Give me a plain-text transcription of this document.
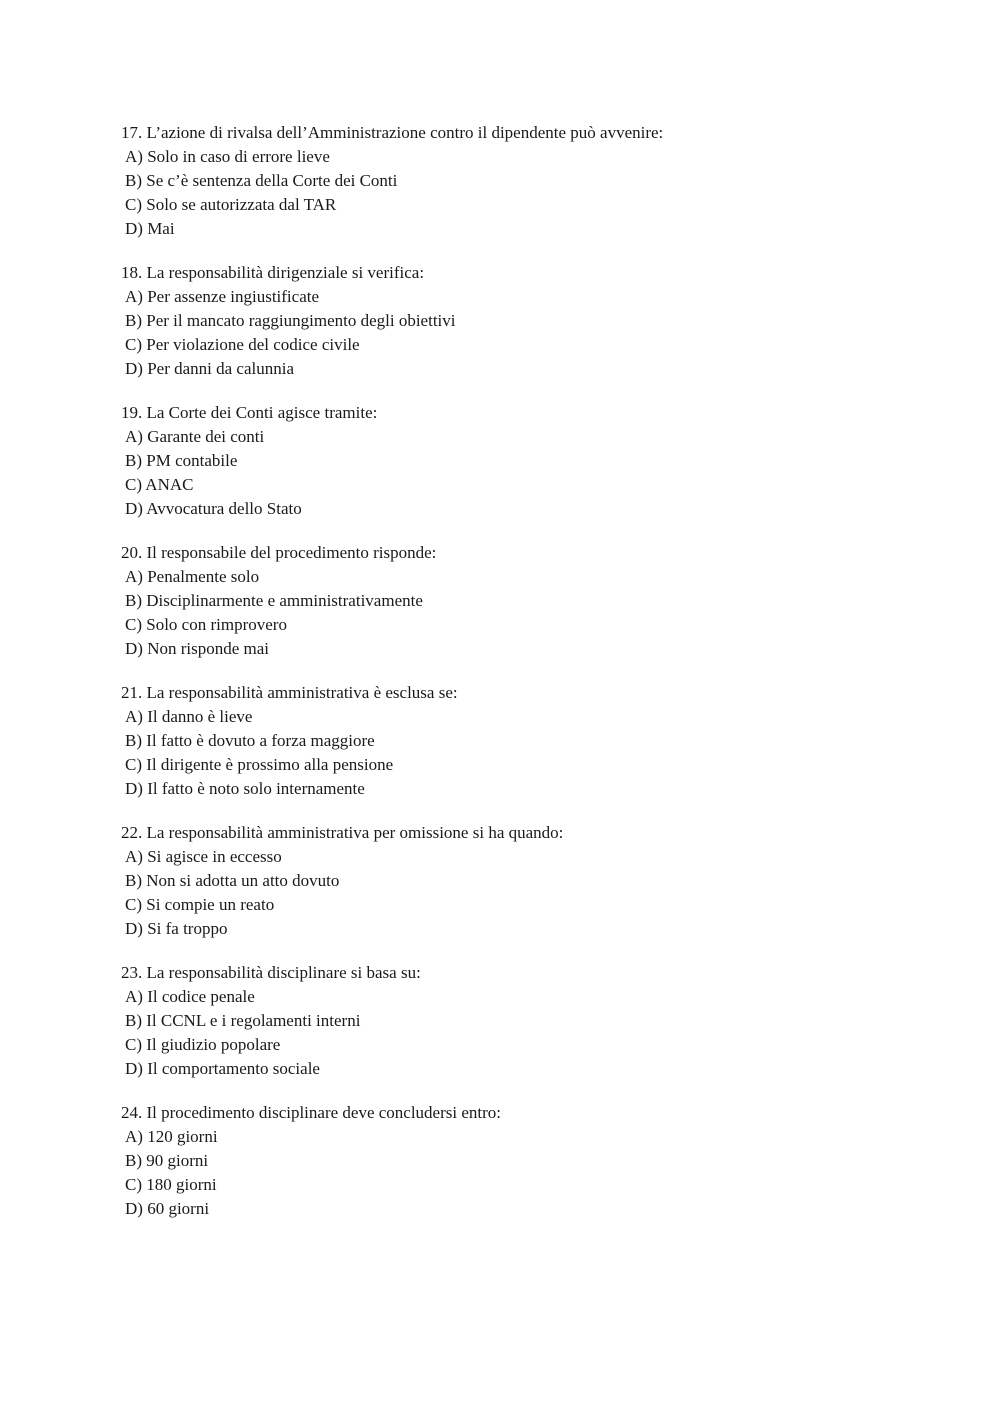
17. L’azione di rivalsa dell’Amministrazione contro il dipendente può avvenire:

A) Solo in caso di errore lieve

B) Se c’è sentenza della Corte dei Conti

C) Solo se autorizzata dal TAR

D) Mai

18. La responsabilità dirigenziale si verifica:

A) Per assenze ingiustificate

B) Per il mancato raggiungimento degli obiettivi

C) Per violazione del codice civile

D) Per danni da calunnia

19. La Corte dei Conti agisce tramite:

A) Garante dei conti

B) PM contabile

C) ANAC

D) Avvocatura dello Stato

20. Il responsabile del procedimento risponde:

A) Penalmente solo

B) Disciplinarmente e amministrativamente

C) Solo con rimprovero

D) Non risponde mai

21. La responsabilità amministrativa è esclusa se:

A) Il danno è lieve

B) Il fatto è dovuto a forza maggiore

C) Il dirigente è prossimo alla pensione

D) Il fatto è noto solo internamente

22. La responsabilità amministrativa per omissione si ha quando:

A) Si agisce in eccesso

B) Non si adotta un atto dovuto

C) Si compie un reato

D) Si fa troppo

23. La responsabilità disciplinare si basa su:

A) Il codice penale

B) Il CCNL e i regolamenti interni

C) Il giudizio popolare

D) Il comportamento sociale

24. Il procedimento disciplinare deve concludersi entro:

A) 120 giorni

B) 90 giorni

C) 180 giorni

D) 60 giorni
